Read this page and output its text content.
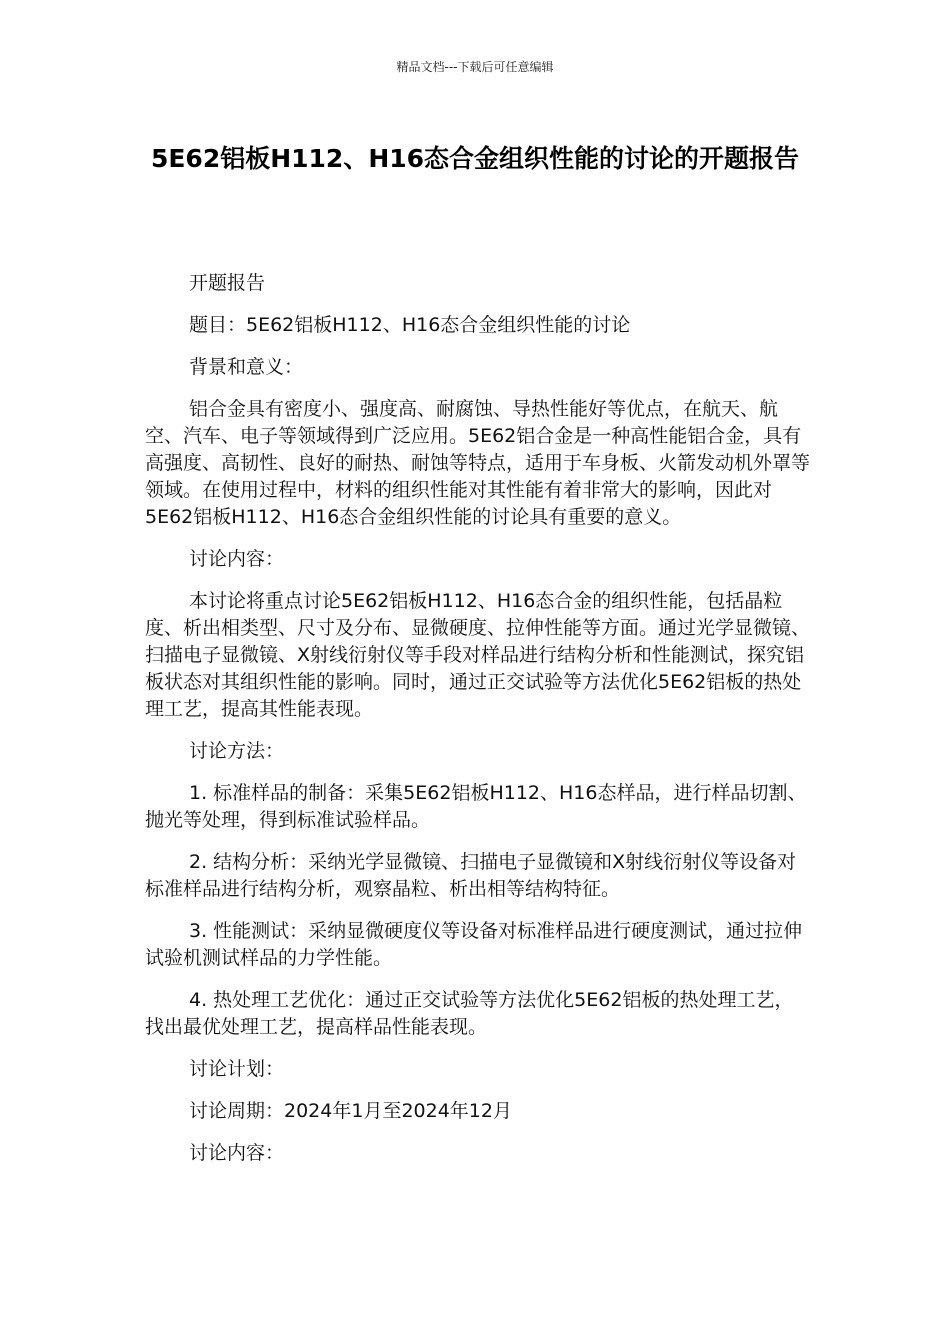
精品文档---下载后可任意编辑
5E62铝板H112、H16态合金组织性能的讨论的开题报告

开题报告

题目：5E62铝板H112、H16态合金组织性能的讨论

背景和意义：

铝合金具有密度小、强度高、耐腐蚀、导热性能好等优点，在航天、航空、汽车、电子等领域得到广泛应用。5E62铝合金是一种高性能铝合金，具有高强度、高韧性、良好的耐热、耐蚀等特点，适用于车身板、火箭发动机外罩等领域。在使用过程中，材料的组织性能对其性能有着非常大的影响，因此对5E62铝板H112、H16态合金组织性能的讨论具有重要的意义。

讨论内容：

本讨论将重点讨论5E62铝板H112、H16态合金的组织性能，包括晶粒度、析出相类型、尺寸及分布、显微硬度、拉伸性能等方面。通过光学显微镜、扫描电子显微镜、X射线衍射仪等手段对样品进行结构分析和性能测试，探究铝板状态对其组织性能的影响。同时，通过正交试验等方法优化5E62铝板的热处理工艺，提高其性能表现。

讨论方法：

1. 标准样品的制备：采集5E62铝板H112、H16态样品，进行样品切割、抛光等处理，得到标准试验样品。

2. 结构分析：采纳光学显微镜、扫描电子显微镜和X射线衍射仪等设备对标准样品进行结构分析，观察晶粒、析出相等结构特征。

3. 性能测试：采纳显微硬度仪等设备对标准样品进行硬度测试，通过拉伸试验机测试样品的力学性能。

4. 热处理工艺优化：通过正交试验等方法优化5E62铝板的热处理工艺，找出最优处理工艺，提高样品性能表现。

讨论计划：

讨论周期：2024年1月至2024年12月

讨论内容：
